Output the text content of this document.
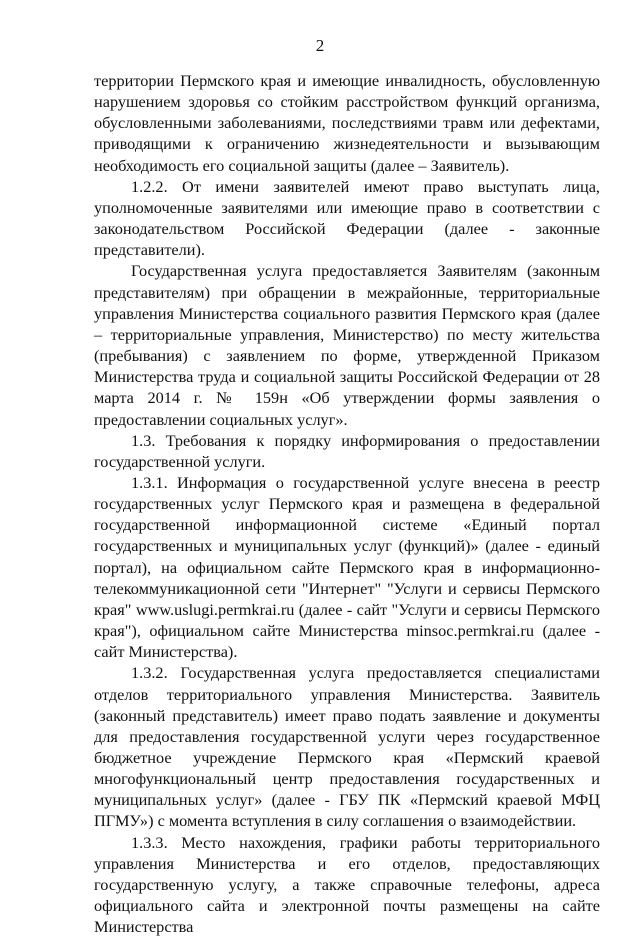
2

территории Пермского края и имеющие инвалидность, обусловленную нарушением здоровья со стойким расстройством функций организма, обусловленными заболеваниями, последствиями травм или дефектами, приводящими к ограничению жизнедеятельности и вызывающим необходимость его социальной защиты (далее – Заявитель).

1.2.2. От имени заявителей имеют право выступать лица, уполномоченные заявителями или имеющие право в соответствии с законодательством Российской Федерации (далее - законные представители).

Государственная услуга предоставляется Заявителям (законным представителям) при обращении в межрайонные, территориальные управления Министерства социального развития Пермского края (далее – территориальные управления, Министерство) по месту жительства (пребывания) с заявлением по форме, утвержденной Приказом Министерства труда и социальной защиты Российской Федерации от 28 марта 2014 г. № 159н «Об утверждении формы заявления о предоставлении социальных услуг».

1.3. Требования к порядку информирования о предоставлении государственной услуги.

1.3.1. Информация о государственной услуге внесена в реестр государственных услуг Пермского края и размещена в федеральной государственной информационной системе «Единый портал государственных и муниципальных услуг (функций)» (далее - единый портал), на официальном сайте Пермского края в информационно-телекоммуникационной сети "Интернет" "Услуги и сервисы Пермского края" www.uslugi.permkrai.ru (далее - сайт "Услуги и сервисы Пермского края"), официальном сайте Министерства minsoc.permkrai.ru (далее - сайт Министерства).

1.3.2. Государственная услуга предоставляется специалистами отделов территориального управления Министерства. Заявитель (законный представитель) имеет право подать заявление и документы для предоставления государственной услуги через государственное бюджетное учреждение Пермского края «Пермский краевой многофункциональный центр предоставления государственных и муниципальных услуг» (далее - ГБУ ПК «Пермский краевой МФЦ ПГМУ») с момента вступления в силу соглашения о взаимодействии.

1.3.3. Место нахождения, графики работы территориального управления Министерства и его отделов, предоставляющих государственную услугу, а также справочные телефоны, адреса официального сайта и электронной почты размещены на сайте Министерства
